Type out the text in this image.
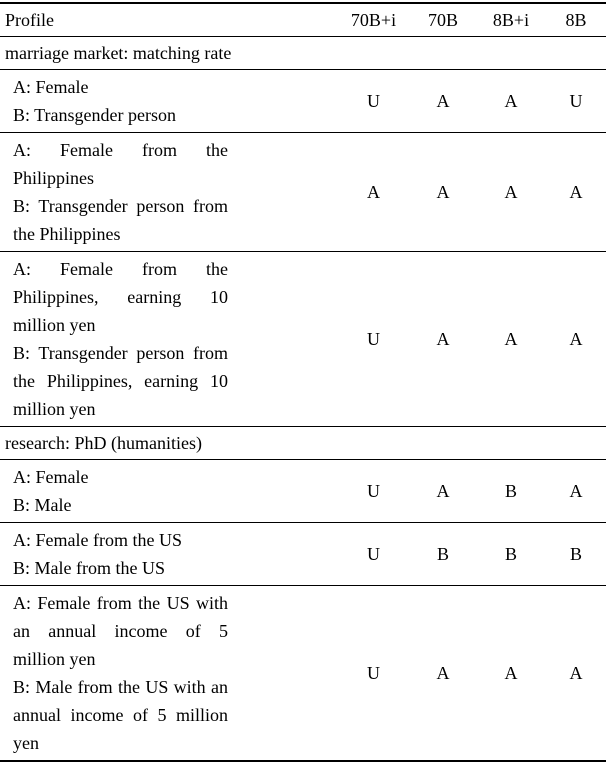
Profile	70B+i	70B	8B+i	8B
marriage market: matching rate				

A: Female
B: Transgender person	U	A	A	U

A: Female from the Philippines
B: Transgender person from the Philippines	A	A	A	A

A: Female from the Philippines, earning 10 million yen
B: Transgender person from the Philippines, earning 10 million yen	U	A	A	A
research: PhD (humanities)				

A: Female
B: Male	U	A	B	A

A: Female from the US
B: Male from the US	U	B	B	B

A: Female from the US with an annual income of 5 million yen
B: Male from the US with an annual income of 5 million yen	U	A	A	A
